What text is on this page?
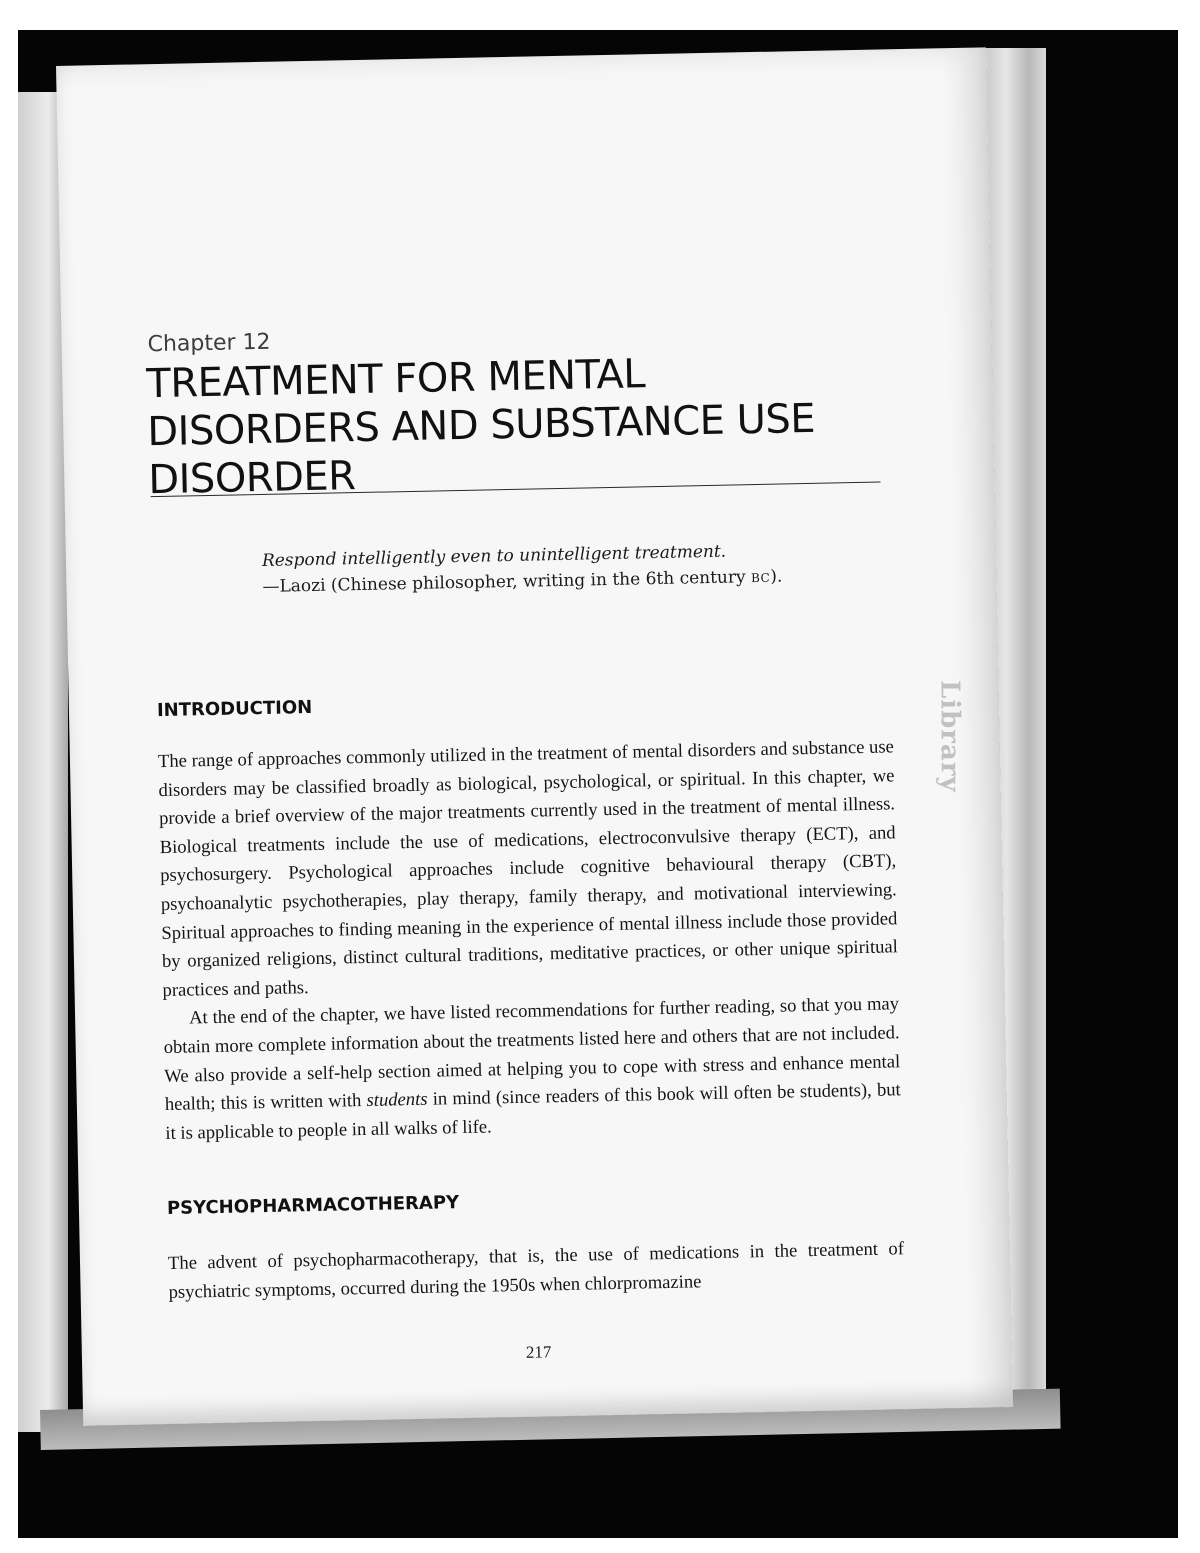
Chapter 12
TREATMENT FOR MENTAL DISORDERS AND SUBSTANCE USE DISORDER
Respond intelligently even to unintelligent treatment.
—Laozi (Chinese philosopher, writing in the 6th century BC).
INTRODUCTION

The range of approaches commonly utilized in the treatment of mental disorders and substance use disorders may be classified broadly as biological, psychological, or spiritual. In this chapter, we provide a brief overview of the major treatments currently used in the treatment of mental illness. Biological treatments include the use of medications, electroconvulsive therapy (ECT), and psychosurgery. Psychological approaches include cognitive behavioural therapy (CBT), psychoanalytic psychotherapies, play therapy, family therapy, and motivational interviewing. Spiritual approaches to finding meaning in the experience of mental illness include those provided by organized religions, distinct cultural traditions, meditative practices, or other unique spiritual practices and paths.

At the end of the chapter, we have listed recommendations for further reading, so that you may obtain more complete information about the treatments listed here and others that are not included. We also provide a self-help section aimed at helping you to cope with stress and enhance mental health; this is written with students in mind (since readers of this book will often be students), but it is applicable to people in all walks of life.

PSYCHOPHARMACOTHERAPY

The advent of psychopharmacotherapy, that is, the use of medications in the treatment of psychiatric symptoms, occurred during the 1950s when chlorpromazine

217
Library
